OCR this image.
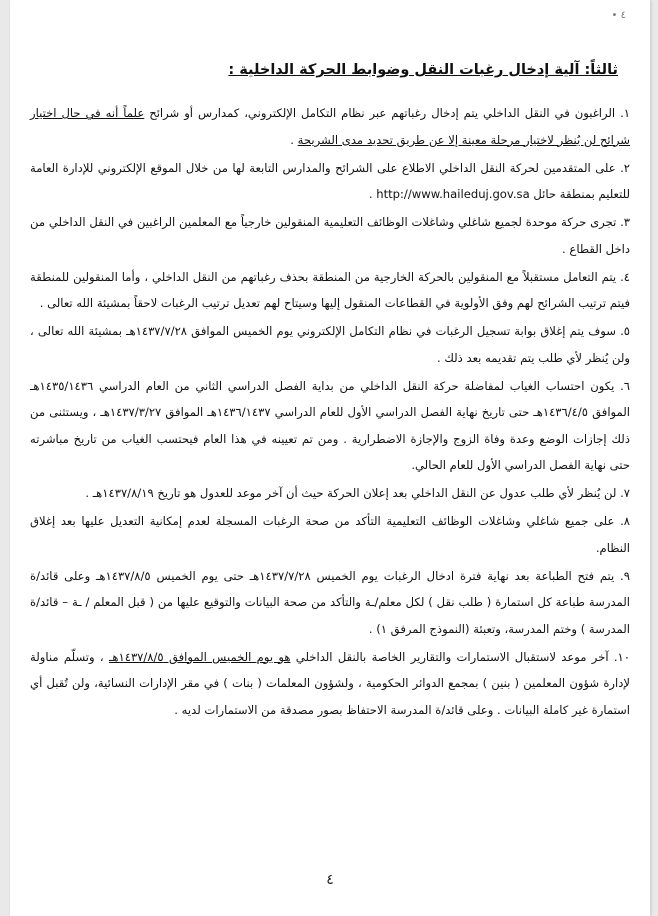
• ٤
ثالثاً: آلية إدخال رغبات النقل وضوابط الحركة الداخلية :

١. الراغبون في النقل الداخلي يتم إدخال رغباتهم عبر نظام التكامل الإلكتروني، كمدارس أو شرائح علماً أنه في حال اختيار شرائح لن يُنظر لاختيار مرحلة معينة إلا عن طريق تحديد مدى الشريحة .

٢. على المتقدمين لحركة النقل الداخلي الاطلاع على الشرائح والمدارس التابعة لها من خلال الموقع الإلكتروني للإدارة العامة للتعليم بمنطقة حائل http://www.haileduj.gov.sa .

٣. تجرى حركة موحدة لجميع شاغلي وشاغلات الوظائف التعليمية المنقولين خارجياً مع المعلمين الراغبين في النقل الداخلي من داخل القطاع .

٤. يتم التعامل مستقبلاً مع المنقولين بالحركة الخارجية من المنطقة بحذف رغباتهم من النقل الداخلي ، وأما المنقولين للمنطقة فيتم ترتيب الشرائح لهم وفق الأولوية في القطاعات المنقول إليها وسيتاح لهم تعديل ترتيب الرغبات لاحقاً بمشيئة الله تعالى .

٥. سوف يتم إغلاق بوابة تسجيل الرغبات في نظام التكامل الإلكتروني يوم الخميس الموافق ١٤٣٧/٧/٢٨هـ بمشيئة الله تعالى ، ولن يُنظر لأي طلب يتم تقديمه بعد ذلك .

٦. يكون احتساب الغياب لمفاضلة حركة النقل الداخلي من بداية الفصل الدراسي الثاني من العام الدراسي ١٤٣٥/١٤٣٦هـ الموافق ١٤٣٦/٤/٥هـ حتى تاريخ نهاية الفصل الدراسي الأول للعام الدراسي ١٤٣٦/١٤٣٧هـ الموافق ١٤٣٧/٣/٢٧هـ ، ويستثنى من ذلك إجازات الوضع وعدة وفاة الزوج والإجازة الاضطرارية . ومن تم تعيينه في هذا العام فيحتسب الغياب من تاريخ مباشرته حتى نهاية الفصل الدراسي الأول للعام الحالي.

٧. لن يُنظر لأي طلب عدول عن النقل الداخلي بعد إعلان الحركة حيث أن آخر موعد للعدول هو تاريخ ١٤٣٧/٨/١٩هـ .

٨. على جميع شاغلي وشاغلات الوظائف التعليمية التأكد من صحة الرغبات المسجلة لعدم إمكانية التعديل عليها بعد إغلاق النظام.

٩. يتم فتح الطباعة بعد نهاية فترة ادخال الرغبات يوم الخميس ١٤٣٧/٧/٢٨هـ حتى يوم الخميس ١٤٣٧/٨/٥هـ وعلى قائد/ة المدرسة طباعة كل استمارة ( طلب نقل ) لكل معلم/ـة والتأكد من صحة البيانات والتوقيع عليها من ( قبل المعلم / ـة – قائد/ة المدرسة ) وختم المدرسة، وتعبئة (النموذج المرفق ١) .

١٠. آخر موعد لاستقبال الاستمارات والتقارير الخاصة بالنقل الداخلي هو يوم الخميس الموافق ١٤٣٧/٨/٥هـ ، وتسلّم مناولة لإدارة شؤون المعلمين ( بنين ) بمجمع الدوائر الحكومية ، ولشؤون المعلمات ( بنات ) في مقر الإدارات النسائية، ولن تُقبل أي استمارة غير كاملة البيانات . وعلى قائد/ة المدرسة الاحتفاظ بصور مصدقة من الاستمارات لديه .

٤
